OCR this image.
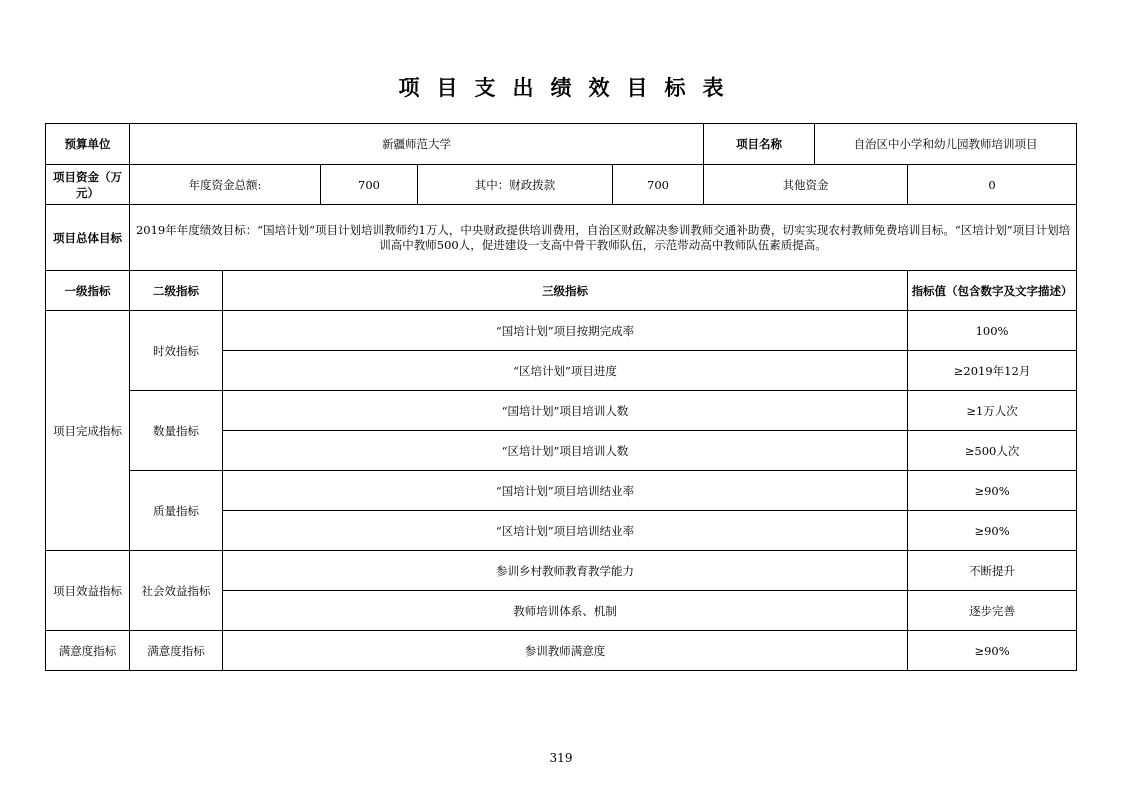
项目支出绩效目标表
预算单位	新疆师范大学					项目名称	自治区中小学和幼儿园教师培训项目	
项目资金（万元）	年度资金总额:		700	其中：财政拨款	700	其他资金		0
项目总体目标	2019年年度绩效目标：“国培计划”项目计划培训教师约1万人，中央财政提供培训费用，自治区财政解决参训教师交通补助费，切实实现农村教师免费培训目标。“区培计划”项目计划培训高中教师500人，促进建设一支高中骨干教师队伍，示范带动高中教师队伍素质提高。							
一级指标	二级指标	三级指标						指标值（包含数字及文字描述）
项目完成指标	时效指标	“国培计划”项目按期完成率						100%
		“区培计划”项目进度						≥2019年12月
	数量指标	“国培计划”项目培训人数						≥1万人次
		“区培计划”项目培训人数						≥500人次
	质量指标	“国培计划”项目培训结业率						≥90%
		“区培计划”项目培训结业率						≥90%
项目效益指标	社会效益指标	参训乡村教师教育教学能力						不断提升
		教师培训体系、机制						逐步完善
满意度指标	满意度指标	参训教师满意度						≥90%
319
